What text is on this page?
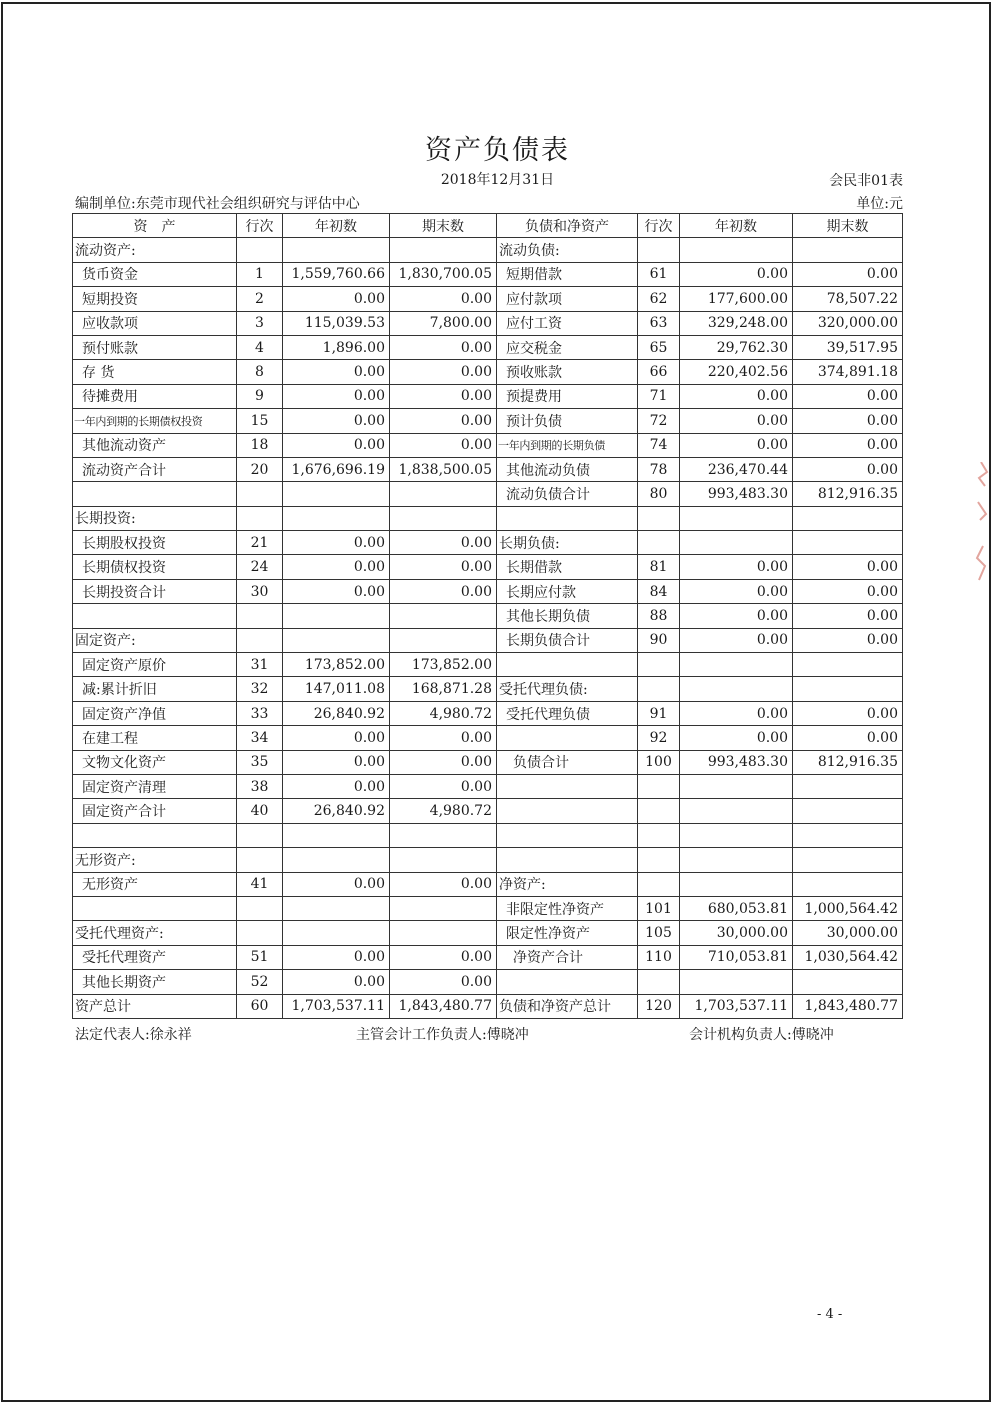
资产负债表
2018年12月31日	会民非01表
编制单位:东莞市现代社会组织研究与评估中心	单位:元
资　产	行次	年初数	期末数	负债和净资产	行次	年初数	期末数
流动资产:				流动负债:			
货币资金	1	1,559,760.66	1,830,700.05	短期借款	61	0.00	0.00
短期投资	2	0.00	0.00	应付款项	62	177,600.00	78,507.22
应收款项	3	115,039.53	7,800.00	应付工资	63	329,248.00	320,000.00
预付账款	4	1,896.00	0.00	应交税金	65	29,762.30	39,517.95
存 货	8	0.00	0.00	预收账款	66	220,402.56	374,891.18
待摊费用	9	0.00	0.00	预提费用	71	0.00	0.00
一年内到期的长期债权投资	15	0.00	0.00	预计负债	72	0.00	0.00
其他流动资产	18	0.00	0.00	一年内到期的长期负债	74	0.00	0.00
流动资产合计	20	1,676,696.19	1,838,500.05	其他流动负债	78	236,470.44	0.00
				流动负债合计	80	993,483.30	812,916.35
长期投资:							
长期股权投资	21	0.00	0.00	长期负债:			
长期债权投资	24	0.00	0.00	长期借款	81	0.00	0.00
长期投资合计	30	0.00	0.00	长期应付款	84	0.00	0.00
				其他长期负债	88	0.00	0.00
固定资产:				长期负债合计	90	0.00	0.00
固定资产原价	31	173,852.00	173,852.00				
减:累计折旧	32	147,011.08	168,871.28	受托代理负债:			
固定资产净值	33	26,840.92	4,980.72	受托代理负债	91	0.00	0.00
在建工程	34	0.00	0.00		92	0.00	0.00
文物文化资产	35	0.00	0.00	负债合计	100	993,483.30	812,916.35
固定资产清理	38	0.00	0.00				
固定资产合计	40	26,840.92	4,980.72				

无形资产:							
无形资产	41	0.00	0.00	净资产:			
				非限定性净资产	101	680,053.81	1,000,564.42
受托代理资产:				限定性净资产	105	30,000.00	30,000.00
受托代理资产	51	0.00	0.00	净资产合计	110	710,053.81	1,030,564.42
其他长期资产	52	0.00	0.00				
资产总计	60	1,703,537.11	1,843,480.77	负债和净资产总计	120	1,703,537.11	1,843,480.77
法定代表人:徐永祥	主管会计工作负责人:傅晓冲	会计机构负责人:傅晓冲
- 4 -
